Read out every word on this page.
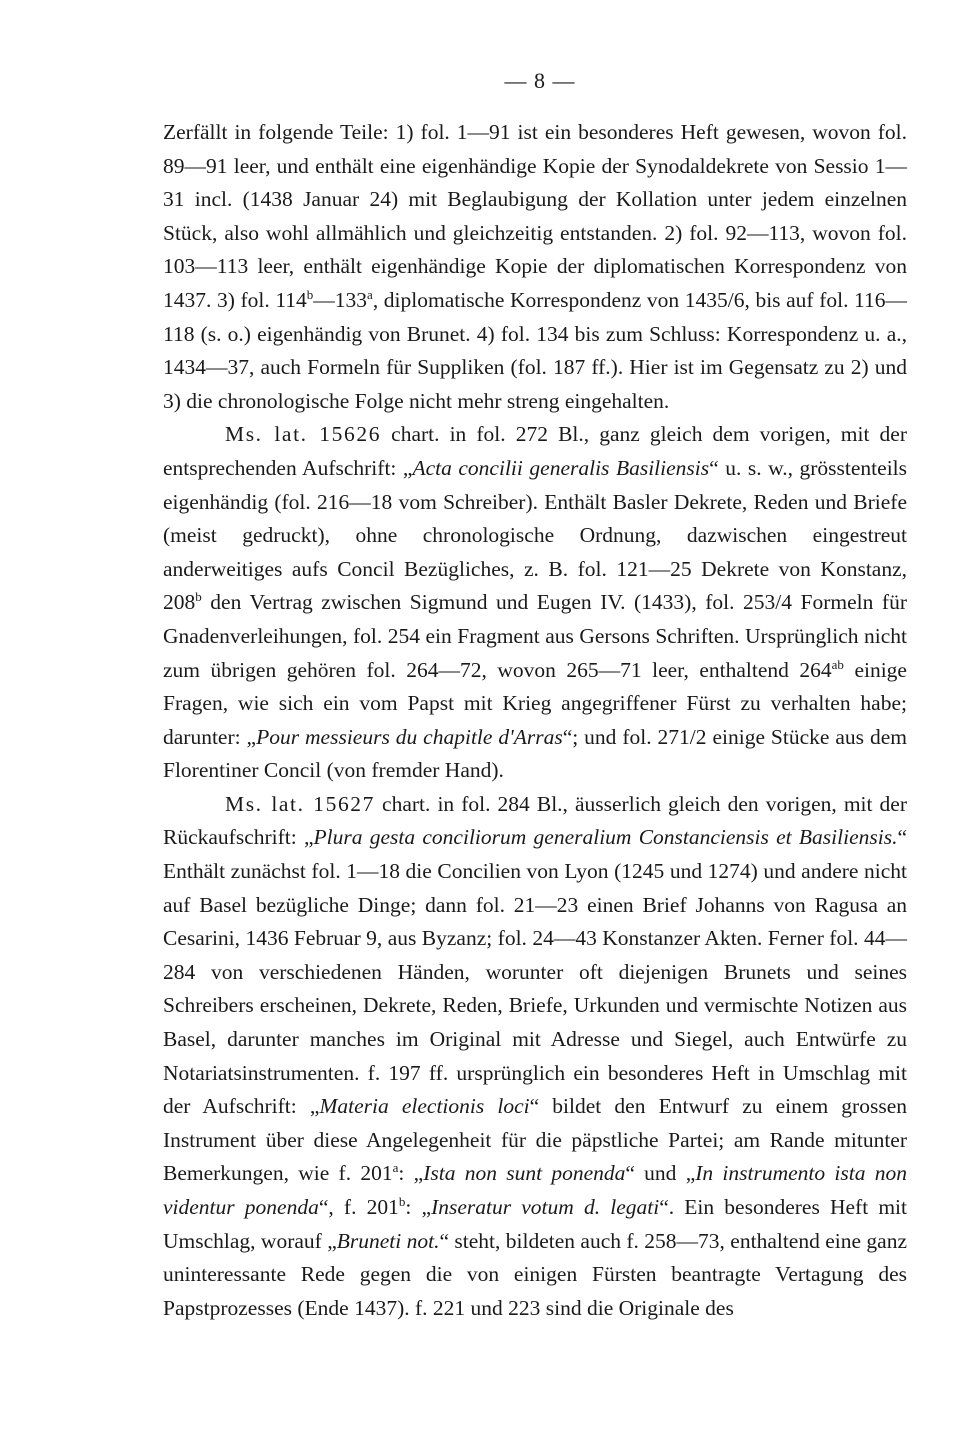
— 8 —

Zerfällt in folgende Teile: 1) fol. 1—91 ist ein besonderes Heft gewesen, wovon fol. 89—91 leer, und enthält eine eigenhändige Kopie der Synodaldekrete von Sessio 1—31 incl. (1438 Januar 24) mit Beglaubigung der Kollation unter jedem einzelnen Stück, also wohl allmählich und gleichzeitig entstanden. 2) fol. 92—113, wovon fol. 103—113 leer, enthält eigenhändige Kopie der diplomatischen Korrespondenz von 1437. 3) fol. 114$^b$—133$^a$, diplomatische Korrespondenz von 1435/6, bis auf fol. 116—118 (s. o.) eigenhändig von Brunet. 4) fol. 134 bis zum Schluss: Korrespondenz u. a., 1434—37, auch Formeln für Suppliken (fol. 187 ff.). Hier ist im Gegensatz zu 2) und 3) die chronologische Folge nicht mehr streng eingehalten.

Ms. lat. 15626 chart. in fol. 272 Bl., ganz gleich dem vorigen, mit der entsprechenden Aufschrift: „Acta concilii generalis Basiliensis“ u. s. w., grösstenteils eigenhändig (fol. 216—18 vom Schreiber). Enthält Basler Dekrete, Reden und Briefe (meist gedruckt), ohne chronologische Ordnung, dazwischen eingestreut anderweitiges aufs Concil Bezügliches, z. B. fol. 121—25 Dekrete von Konstanz, 208$^b$ den Vertrag zwischen Sigmund und Eugen IV. (1433), fol. 253/4 Formeln für Gnadenverleihungen, fol. 254 ein Fragment aus Gersons Schriften. Ursprünglich nicht zum übrigen gehören fol. 264—72, wovon 265—71 leer, enthaltend $264^{ab}$ einige Fragen, wie sich ein vom Papst mit Krieg angegriffener Fürst zu verhalten habe; darunter: „Pour messieurs du chapitle d'Arras“; und fol. 271/2 einige Stücke aus dem Florentiner Concil (von fremder Hand).

Ms. lat. 15627 chart. in fol. 284 Bl., äusserlich gleich den vorigen, mit der Rückaufschrift: „Plura gesta conciliorum generalium Constanciensis et Basiliensis.“ Enthält zunächst fol. 1—18 die Concilien von Lyon (1245 und 1274) und andere nicht auf Basel bezügliche Dinge; dann fol. 21—23 einen Brief Johanns von Ragusa an Cesarini, 1436 Februar 9, aus Byzanz; fol. 24—43 Konstanzer Akten. Ferner fol. 44—284 von verschiedenen Händen, worunter oft diejenigen Brunets und seines Schreibers erscheinen, Dekrete, Reden, Briefe, Urkunden und vermischte Notizen aus Basel, darunter manches im Original mit Adresse und Siegel, auch Entwürfe zu Notariatsinstrumenten. f. 197 ff. ursprünglich ein besonderes Heft in Umschlag mit der Aufschrift: „Materia electionis loci“ bildet den Entwurf zu einem grossen Instrument über diese Angelegenheit für die päpstliche Partei; am Rande mitunter Bemerkungen, wie f. 201$^a$: „Ista non sunt ponenda“ und „In instrumento ista non videntur ponenda“, f. 201$^b$: „Inseratur votum d. legati“. Ein besonderes Heft mit Umschlag, worauf „Bruneti not.“ steht, bildeten auch f. 258—73, enthaltend eine ganz uninteressante Rede gegen die von einigen Fürsten beantragte Vertagung des Papstprozesses (Ende 1437). f. 221 und 223 sind die Originale des
